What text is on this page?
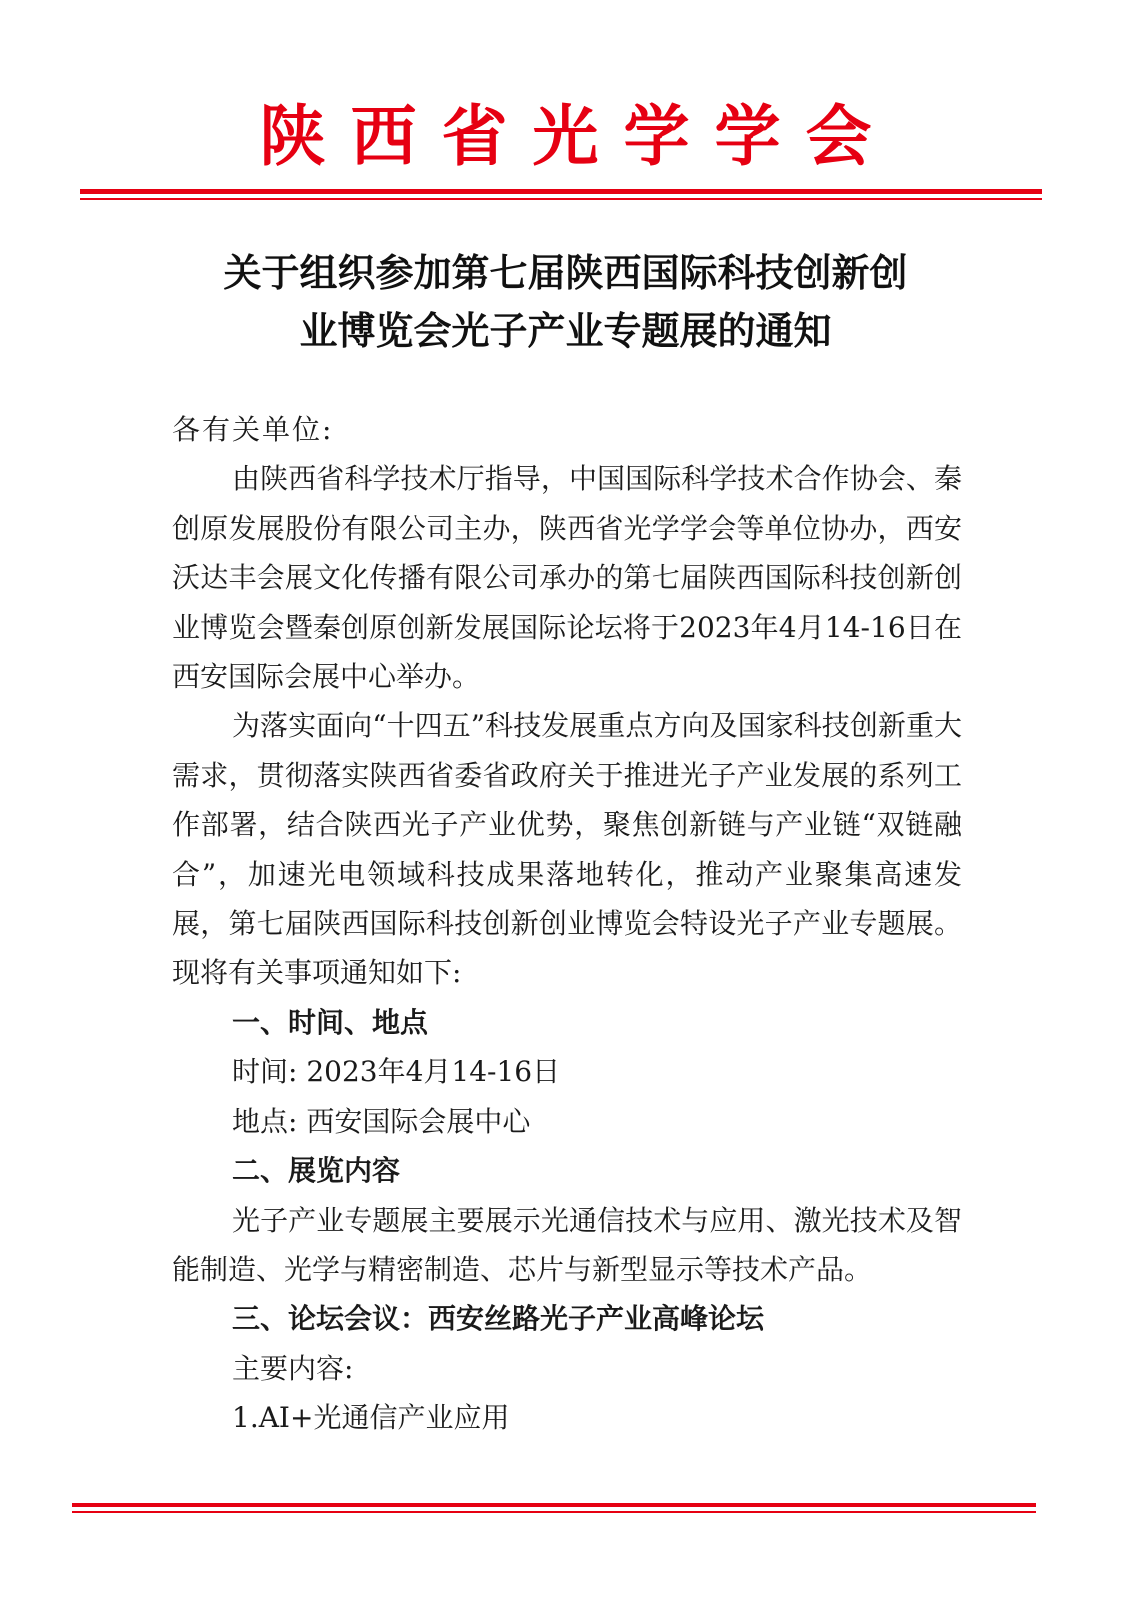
陕西省光学学会
关于组织参加第七届陕西国际科技创新创
业博览会光子产业专题展的通知

各有关单位:

由陕西省科学技术厅指导，中国国际科学技术合作协会、秦创原发展股份有限公司主办，陕西省光学学会等单位协办，西安沃达丰会展文化传播有限公司承办的第七届陕西国际科技创新创业博览会暨秦创原创新发展国际论坛将于2023年4月14-16日在西安国际会展中心举办。

为落实面向“十四五”科技发展重点方向及国家科技创新重大需求，贯彻落实陕西省委省政府关于推进光子产业发展的系列工作部署，结合陕西光子产业优势，聚焦创新链与产业链“双链融合”，加速光电领域科技成果落地转化，推动产业聚集高速发展，第七届陕西国际科技创新创业博览会特设光子产业专题展。现将有关事项通知如下:

一、时间、地点

时间: 2023年4月14-16日

地点: 西安国际会展中心

二、展览内容

光子产业专题展主要展示光通信技术与应用、激光技术及智能制造、光学与精密制造、芯片与新型显示等技术产品。

三、论坛会议：西安丝路光子产业高峰论坛

主要内容:

1.AI+光通信产业应用
